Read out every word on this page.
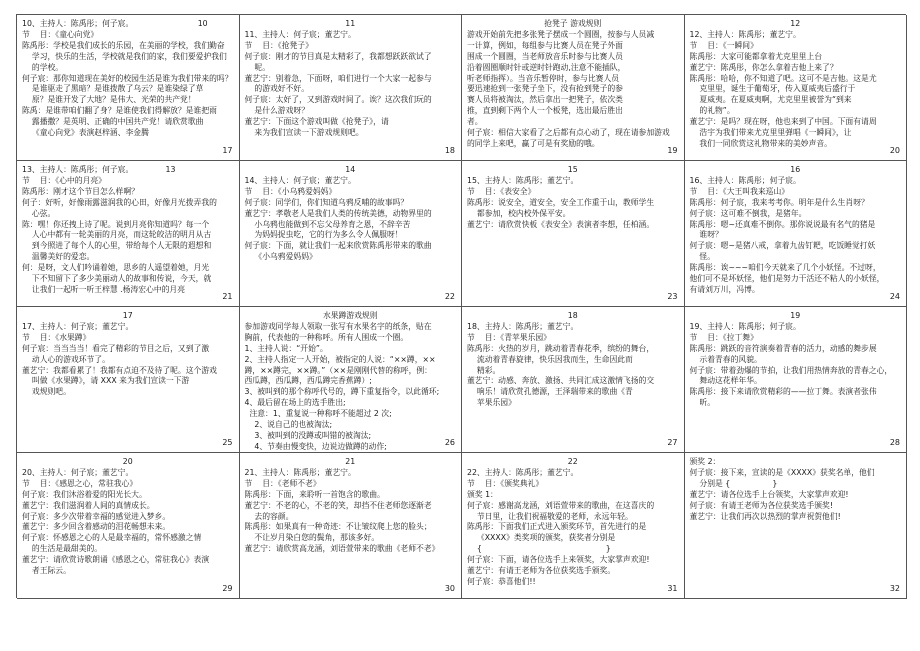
10、主持人：陈禹彤；何子宸。                          10

节    目：《童心向党》

陈禹彤：学校是我们成长的乐园，在美丽的学校，我们勤奋

学习，快乐的生活，学校就是我们的家，我们要爱护我们

的学校。

何子宸：那你知道现在美好的校园生活是谁为我们带来的吗？

是谁驱走了黑暗？是谁拨散了乌云？是谁染绿了草

原？是谁开发了大地？是伟大、光荣的共产党！

陈禹：是谁带咱们翻了身？是谁使我们得解放？是谁把雨

露播撒？是英明、正确的中国共产党！请欣赏歌曲

《童心向党》表演赵梓涵、李金腾

17

11

11、主持人：何子宸；董艺宁。

节    目：《抢凳子》

何子宸：刚才的节目真是太精彩了，我都想跃跃欲试了

呢。

董艺宁：别着急，下面呀，咱们进行一个大家一起参与

的游戏好不好。

何子宸：太好了，又到游戏时间了。诶？这次我们玩的

是什么游戏呀？

董艺宁：下面这个游戏叫做《抢凳子》，请

来为我们宣读一下游戏规则吧。

18

抢凳子 游戏规则

游戏开始前先把多张凳子摆成一个圆圈，按参与人员减

一计算，例如，每组参与比赛人员在凳子外面

围成一个圆圈，当老师放音乐时参与比赛人员

沿着圆圈顺时针或逆时针跑动,注意不能插队，

听老师指挥）。当音乐暂停时，参与比赛人员

要迅速抢到一张凳子坐下，没有抢到凳子的参

赛人员将被淘汰，然后拿出一把凳子，依次类

推，直到剩下两个人一个板凳，选出最后胜出

者。

何子宸：相信大家看了之后都有点心动了，现在请参加游戏

的同学上来吧，赢了可是有奖励的哦。

19

12

12、主持人：陈禹彤；董艺宁。

节    目：《一瞬间》

陈禹彤：大家可能都拿着尤克里里上台

董艺宁：陈禹彤，你怎么拿着吉他上来了？

陈禹彤：哈哈，你不知道了吧。这可不是吉他。这是尤

克里里，诞生于葡萄牙，传入夏威夷后盛行于

夏威夷。在夏威夷啊，尤克里里被誉为“到来

的礼物”。

董艺宁：是吗？现在呀，他也来到了中国。下面有请周

浩宇为我们带来尤克里里弹唱《一瞬间》，让

我们一同欣赏这礼物带来的美妙声音。

20

13、主持人：陈禹彤；何子宸。             13

节    目：《心中的月亮》

陈禹彤：刚才这个节目怎么样啊？

何子：好听，好像雨露滋润我的心田，好像月光拨弄我的

心弦。

陈：嘿！你还拽上诗了呢。说到月亮你知道吗？每一个

人心中都有一轮美丽的月亮，而这轮皎洁的明月从古

到今照进了每个人的心里，带给每个人无限的遐想和

温馨美好的爱恋。

何：是呀，文人们吟诵着她，思乡的人遥望着她，月光

下不知留下了多少美丽动人的故事和传说，今天，就

让我们一起听一听王梓慧 .杨涛宏心中的月亮

21

14

14、主持人：何子宸；董艺宁。

节    目：《小乌鸦爱妈妈》

何子宸：同学们，你们知道乌鸦反哺的故事吗？

董艺宁：孝敬老人是我们人类的传统美德，动物界里的

小乌鸦也能做到不忘父母养育之恩，不辞辛苦

为妈妈捉虫吃，它的行为多么令人佩服呀！

何子宸：下面，就让我们一起来欣赏陈禹彤带来的歌曲

《小乌鸦爱妈妈》

22

15

15、主持人：陈禹彤；董艺宁。

节    目：《表安全》

陈禹彤：说安全，道安全，安全工作重于山，教师学生

都参加，校内校外保平安。

董艺宁：请欣赏快板《表安全》表演者李想，任柏涵。

23

16

16、主持人：陈禹彤；何子宸。

节    目：《大王叫我来巡山》

陈禹彤：何子宸，我来考考你。明年是什么生肖呀？

何子宸：这可难不倒我，是猪年。

陈禹彤：嗯~还真难不倒你。那你说说最有名气的猪是

谁呀？

何子宸：嗯~是猪八戒，拿着九齿钉耙，吃饭睡觉打妖

怪。

陈禹彤：诶~~~咱们今天就来了几个小妖怪。不过呀，

他们可不是坏妖怪，他们是努力干活还不粘人的小妖怪，

有请刘万川，冯博。

24

17

17、主持人：何子宸；董艺宁。

节    目：《水果蹲》

何子宸：当当当当！看完了精彩的节目之后，又到了激

动人心的游戏环节了。

董艺宁：我都看累了！我都有点迫不及待了呢。这个游戏

叫做《水果蹲》，请 XXX 来为我们宣读一下游

戏规则吧。

25

水果蹲游戏规则

参加游戏同学每人领取一张写有水果名字的纸条，贴在

胸前，代表他的一种称呼。所有人围成一个圈。

1、主持人说：“开始”。

2、主持人指定一人开始，被指定的人说：“××蹲，××

蹲，××蹲完，××蹲。”（××是刚刚代替的称呼，例：

西瓜蹲，西瓜蹲，西瓜蹲完香蕉蹲）;

3、被叫到的那个称呼代号的，蹲下重复指令，以此循环;

4、最后留在场上的选手胜出;

注意：1、重复说一种称呼不能超过 2 次;

2、说自己的也被淘汰;

3、被叫到的没蹲或叫错的被淘汰;

4、节奏由慢变快，边说边做蹲的动作;	26

18

18、主持人：陈禹彤；董艺宁。

节    目：《青苹果乐园》

陈禹彤：火热的岁月，跳动着青春花季，缤纷的舞台，

流动着青春旋律，快乐因我而生，生命因此而

精彩。

董艺宁：动感、奔放、激扬、共同汇成这激情飞扬的交

响乐！请欣赏孔德源，王泽瑞带来的歌曲《青

苹果乐园》

27

19

19、主持人：陈禹彤；何子宸。

节    目：《拉丁舞》

陈禹彤：跳跃的音符演奏着青春的活力，动感的舞步展

示着青春的风貌。

何子宸：带着劲爆的节拍，让我们用热情奔放的青春之心，

舞动这花样年华。

陈禹彤：接下来请欣赏精彩的——拉丁舞。表演者张伟

昕。

28

20

20、主持人：何子宸；董艺宁。

节    目：《感恩之心，常驻我心》

何子宸：我们沐浴着爱的阳光长大。

董艺宁：我们滋润着人间的真情成长。

何子宸：多少次带着幸福的感觉进入梦乡。

董艺宁：多少回含着感动的泪花畅想未来。

何子宸：怀感恩之心的人是最幸福的，常怀感激之情

的生活是最甜美的。

董艺宁：请欣赏诗歌朗诵《感恩之心，常驻我心》表演

者王际云。

29

21

21、主持人：陈禹彤；董艺宁。

节    目：《老师不老》

陈禹彤：下面，来聆听一首饱含的歌曲。

董艺宁：不老的心，不老的笑，却挡不住老师您逐渐老

去的容颜。

陈禹彤：如果真有一种奇迹：不让皱纹爬上您的脸头；

不让岁月染白您的鬓角，那该多好。

董艺宁：请欣赏高龙涵，刘语萱带来的歌曲《老师不老》

30

22

22、主持人：陈禹彤；董艺宁。

节    目：《颁奖典礼》

颁奖 1：

何子宸：感谢高龙涵，刘语萱带来的歌曲，在这喜庆的

节日里，让我们祝福敬爱的老师，永远年轻。

陈禹彤：下面我们正式进入颁奖环节，首先进行的是

《XXXX》类奖项的颁奖，获奖者分别是

{                                                  }

何子宸：下面，请各位选手上来领奖，大家掌声欢迎!

董艺宁：有请王老师为各位获奖选手颁奖。

何子宸：恭喜他们!!

31

颁奖 2：

何子宸：接下来，宣读的是《XXXX》获奖名单，他们

分别是 {                 }

董艺宁：请各位选手上台领奖，大家掌声欢迎!

何子宸：有请王老师为各位获奖选手颁奖!

董艺宁：让我们再次以热烈的掌声祝贺他们!

32
